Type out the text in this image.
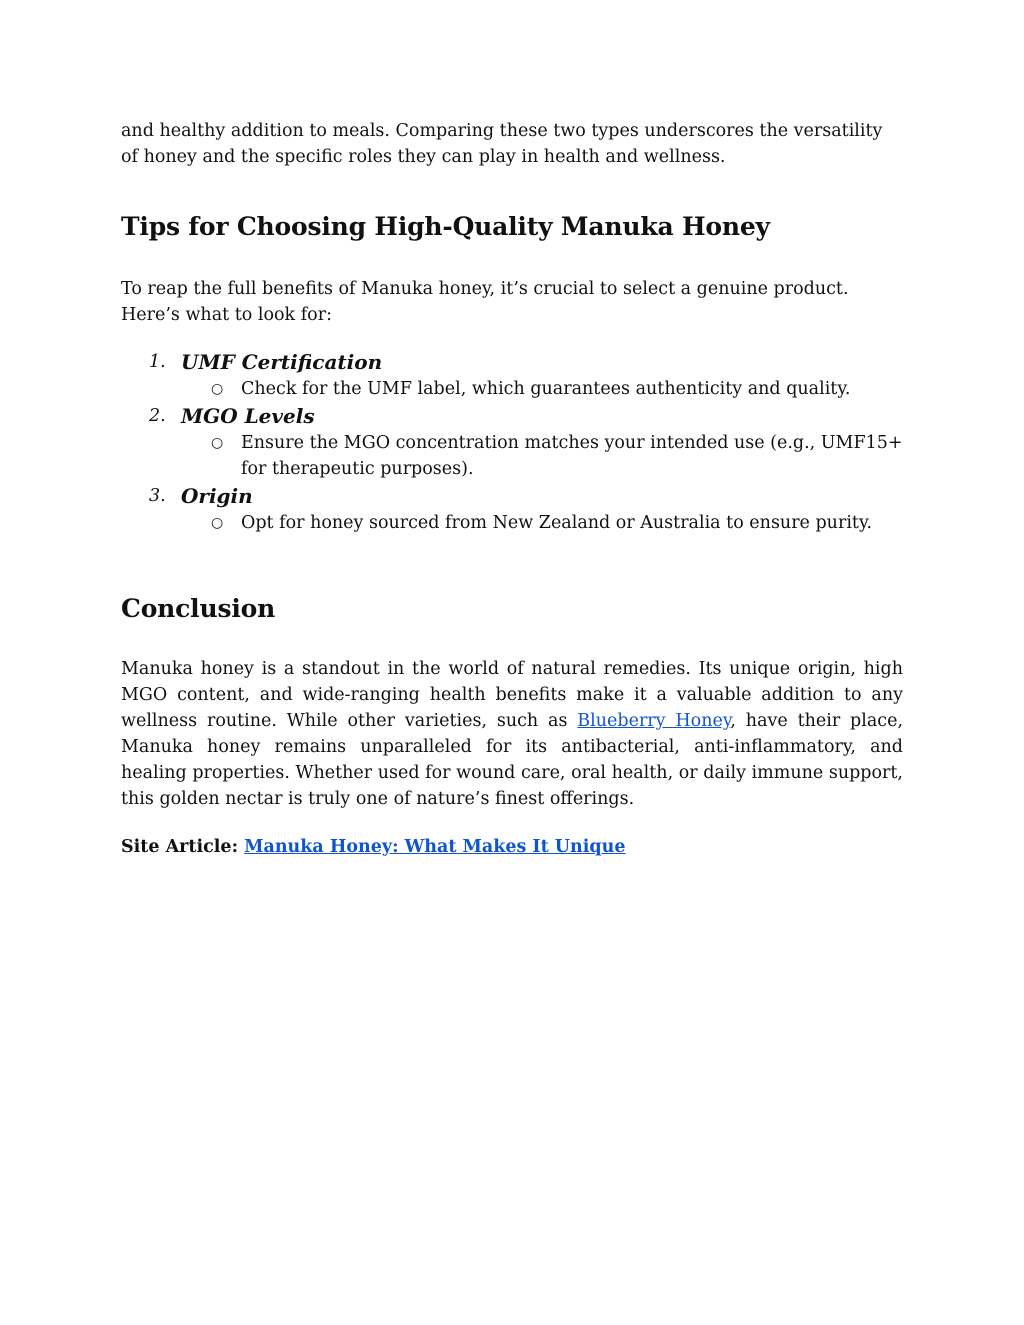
and healthy addition to meals. Comparing these two types underscores the versatility of honey and the specific roles they can play in health and wellness.

Tips for Choosing High-Quality Manuka Honey

To reap the full benefits of Manuka honey, it’s crucial to select a genuine product. Here’s what to look for:

1. UMF Certification
○ Check for the UMF label, which guarantees authenticity and quality.
2. MGO Levels
○ Ensure the MGO concentration matches your intended use (e.g., UMF15+ for therapeutic purposes).
3. Origin
○ Opt for honey sourced from New Zealand or Australia to ensure purity.
Conclusion

Manuka honey is a standout in the world of natural remedies. Its unique origin, high MGO content, and wide-ranging health benefits make it a valuable addition to any wellness routine. While other varieties, such as Blueberry Honey, have their place, Manuka honey remains unparalleled for its antibacterial, anti-inflammatory, and healing properties. Whether used for wound care, oral health, or daily immune support, this golden nectar is truly one of nature’s finest offerings.

Site Article: Manuka Honey: What Makes It Unique
